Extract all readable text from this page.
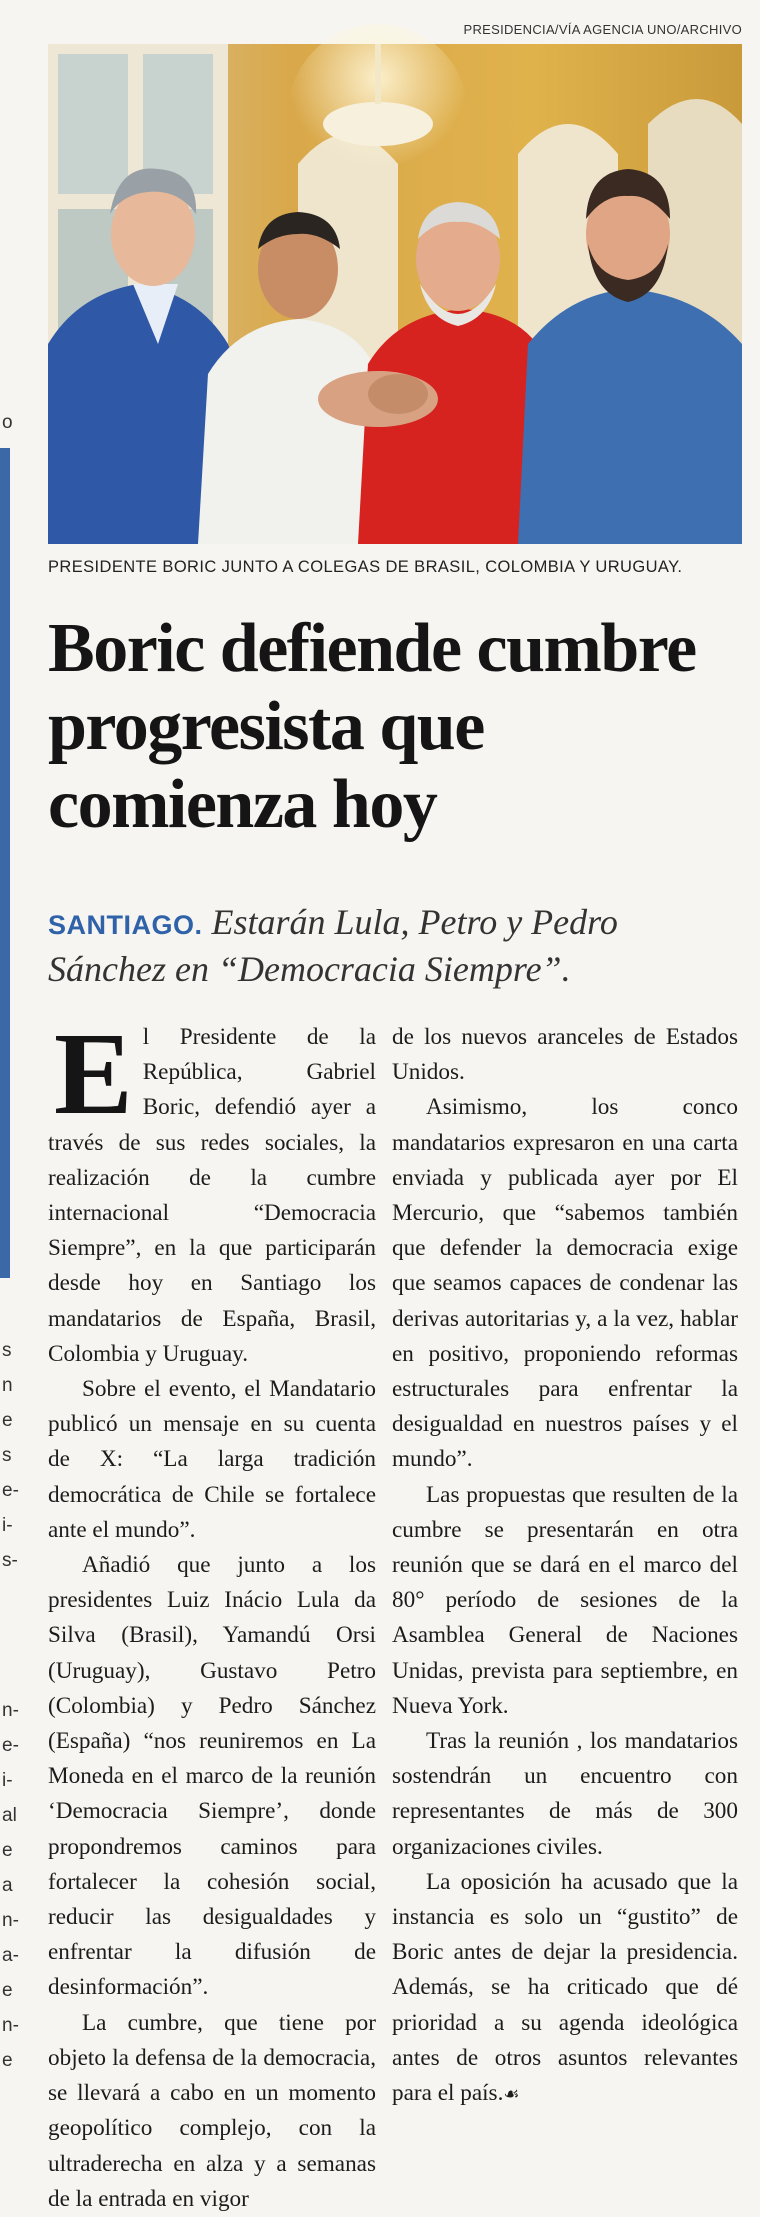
o
s
n
e
s
e-
i-
s-
n-
e-
i-
al
e
a
n-
a-
e
n-
e
PRESIDENCIA/VÍA AGENCIA UNO/ARCHIVO
PRESIDENTE BORIC JUNTO A COLEGAS DE BRASIL, COLOMBIA Y URUGUAY.
Boric defiende cumbre progresista que comienza hoy
SANTIAGO. Estarán Lula, Petro y Pedro Sánchez en “Democracia Siempre”.

El Presidente de la República, Gabriel Boric, defendió ayer a través de sus redes sociales, la realización de la cumbre internacional “Democracia Siempre”, en la que participarán desde hoy en Santiago los mandatarios de España, Brasil, Colombia y Uruguay.

Sobre el evento, el Mandatario publicó un mensaje en su cuenta de X: “La larga tradición democrática de Chile se fortalece ante el mundo”.

Añadió que junto a los presidentes Luiz Inácio Lula da Silva (Brasil), Yamandú Orsi (Uruguay), Gustavo Petro (Colombia) y Pedro Sánchez (España) “nos reuniremos en La Moneda en el marco de la reunión ‘Democracia Siempre’, donde propondremos caminos para fortalecer la cohesión social, reducir las desigualdades y enfrentar la difusión de desinformación”.

La cumbre, que tiene por objeto la defensa de la democracia, se llevará a cabo en un momento geopolítico complejo, con la ultraderecha en alza y a semanas de la entrada en vigor

de los nuevos aranceles de Estados Unidos.

Asimismo, los conco mandatarios expresaron en una carta enviada y publicada ayer por El Mercurio, que “sabemos también que defender la democracia exige que seamos capaces de condenar las derivas autoritarias y, a la vez, hablar en positivo, proponiendo reformas estructurales para enfrentar la desigualdad en nuestros países y el mundo”.

Las propuestas que resulten de la cumbre se presentarán en otra reunión que se dará en el marco del 80° período de sesiones de la Asamblea General de Naciones Unidas, prevista para septiembre, en Nueva York.

Tras la reunión , los mandatarios sostendrán un encuentro con representantes de más de 300 organizaciones civiles.

La oposición ha acusado que la instancia es solo un “gustito” de Boric antes de dejar la presidencia. Además, se ha criticado que dé prioridad a su agenda ideológica antes de otros asuntos relevantes para el país.☙
